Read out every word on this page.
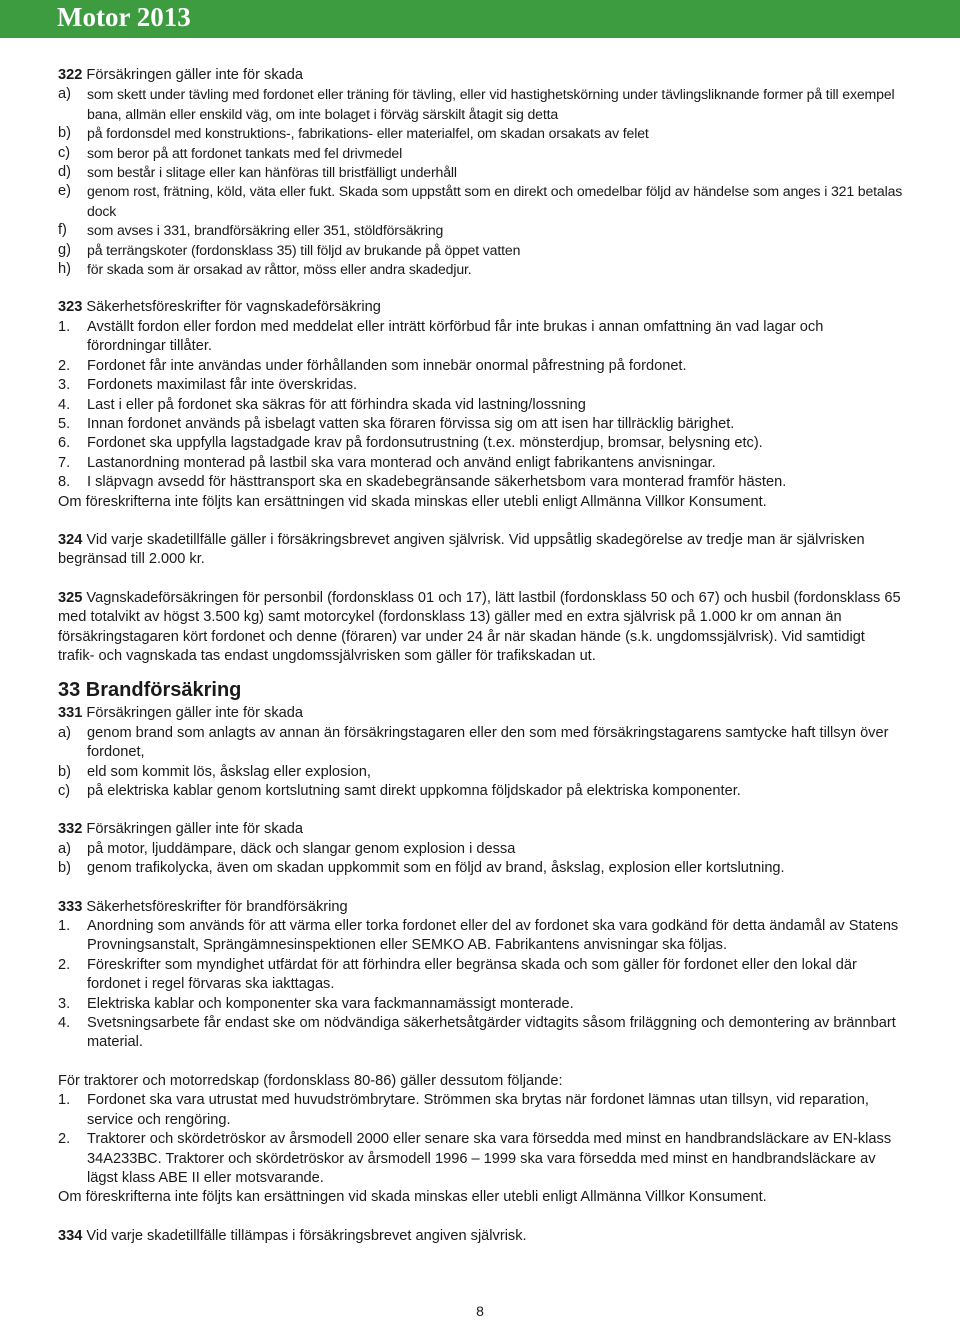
Motor 2013
322 Försäkringen gäller inte för skada
a)	som skett under tävling med fordonet eller träning för tävling, eller vid hastighetskörning under tävlingsliknande former på till exempel bana, allmän eller enskild väg, om inte bolaget i förväg särskilt åtagit sig detta
b)	på fordonsdel med konstruktions-, fabrikations- eller materialfel, om skadan orsakats av felet
c)	som beror på att fordonet tankats med fel drivmedel
d)	som består i slitage eller kan hänföras till bristfälligt underhåll
e)	genom rost, frätning, köld, väta eller fukt. Skada som uppstått som en direkt och omedelbar följd av händelse som anges i 321 betalas dock
f)	som avses i 331, brandförsäkring eller 351, stöldförsäkring
g)	på terrängskoter (fordonsklass 35) till följd av brukande på öppet vatten
h)	för skada som är orsakad av råttor, möss eller andra skadedjur.
323 Säkerhetsföreskrifter för vagnskadeförsäkring
1.	Avställt fordon eller fordon med meddelat eller inträtt körförbud får inte brukas i annan omfattning än vad lagar och förordningar tillåter.
2.	Fordonet får inte användas under förhållanden som innebär onormal påfrestning på fordonet.
3.	Fordonets maximilast får inte överskridas.
4.	Last i eller på fordonet ska säkras för att förhindra skada vid lastning/lossning
5.	Innan fordonet används på isbelagt vatten ska föraren förvissa sig om att isen har tillräcklig bärighet.
6.	Fordonet ska uppfylla lagstadgade krav på fordonsutrustning (t.ex. mönsterdjup, bromsar, belysning etc).
7.	Lastanordning monterad på lastbil ska vara monterad och använd enligt fabrikantens anvisningar.
8.	I släpvagn avsedd för hästtransport ska en skadebegränsande säkerhetsbom vara monterad framför hästen.
Om föreskrifterna inte följts kan ersättningen vid skada minskas eller utebli enligt Allmänna Villkor Konsument.
324 Vid varje skadetillfälle gäller i försäkringsbrevet angiven självrisk. Vid uppsåtlig skadegörelse av tredje man är självrisken begränsad till 2.000 kr.
325 Vagnskadeförsäkringen för personbil (fordonsklass 01 och 17), lätt lastbil (fordonsklass 50 och 67) och husbil (fordonsklass 65 med totalvikt av högst 3.500 kg) samt motorcykel (fordonsklass 13) gäller med en extra självrisk på 1.000 kr om annan än försäkringstagaren kört fordonet och denne (föraren) var under 24 år när skadan hände (s.k. ungdomssjälvrisk). Vid samtidigt trafik- och vagnskada tas endast ungdomssjälvrisken som gäller för trafikskadan ut.
33 Brandförsäkring
331 Försäkringen gäller inte för skada
a)	genom brand som anlagts av annan än försäkringstagaren eller den som med försäkringstagarens samtycke haft tillsyn över fordonet,
b)	eld som kommit lös, åskslag eller explosion,
c)	på elektriska kablar genom kortslutning samt direkt uppkomna följdskador på elektriska komponenter.
332 Försäkringen gäller inte för skada
a)	på motor, ljuddämpare, däck och slangar genom explosion i dessa
b)	genom trafikolycka, även om skadan uppkommit som en följd av brand, åskslag, explosion eller kortslutning.
333 Säkerhetsföreskrifter för brandförsäkring
1.	Anordning som används för att värma eller torka fordonet eller del av fordonet ska vara godkänd för detta ändamål av Statens Provningsanstalt, Sprängämnesinspektionen eller SEMKO AB. Fabrikantens anvisningar ska följas.
2.	Föreskrifter som myndighet utfärdat för att förhindra eller begränsa skada och som gäller för fordonet eller den lokal där fordonet i regel förvaras ska iakttagas.
3.	Elektriska kablar och komponenter ska vara fackmannamässigt monterade.
4.	Svetsningsarbete får endast ske om nödvändiga säkerhetsåtgärder vidtagits såsom friläggning och demontering av brännbart material.
För traktorer och motorredskap (fordonsklass 80-86) gäller dessutom följande:
1.	Fordonet ska vara utrustat med huvudströmbrytare. Strömmen ska brytas när fordonet lämnas utan tillsyn, vid reparation, service och rengöring.
2.	Traktorer och skördetröskor av årsmodell 2000 eller senare ska vara försedda med minst en handbrandsläckare av EN-klass 34A233BC. Traktorer och skördetröskor av årsmodell 1996 – 1999 ska vara försedda med minst en handbrandsläckare av lägst klass ABE II eller motsvarande.
Om föreskrifterna inte följts kan ersättningen vid skada minskas eller utebli enligt Allmänna Villkor Konsument.
334 Vid varje skadetillfälle tillämpas i försäkringsbrevet angiven självrisk.
8
